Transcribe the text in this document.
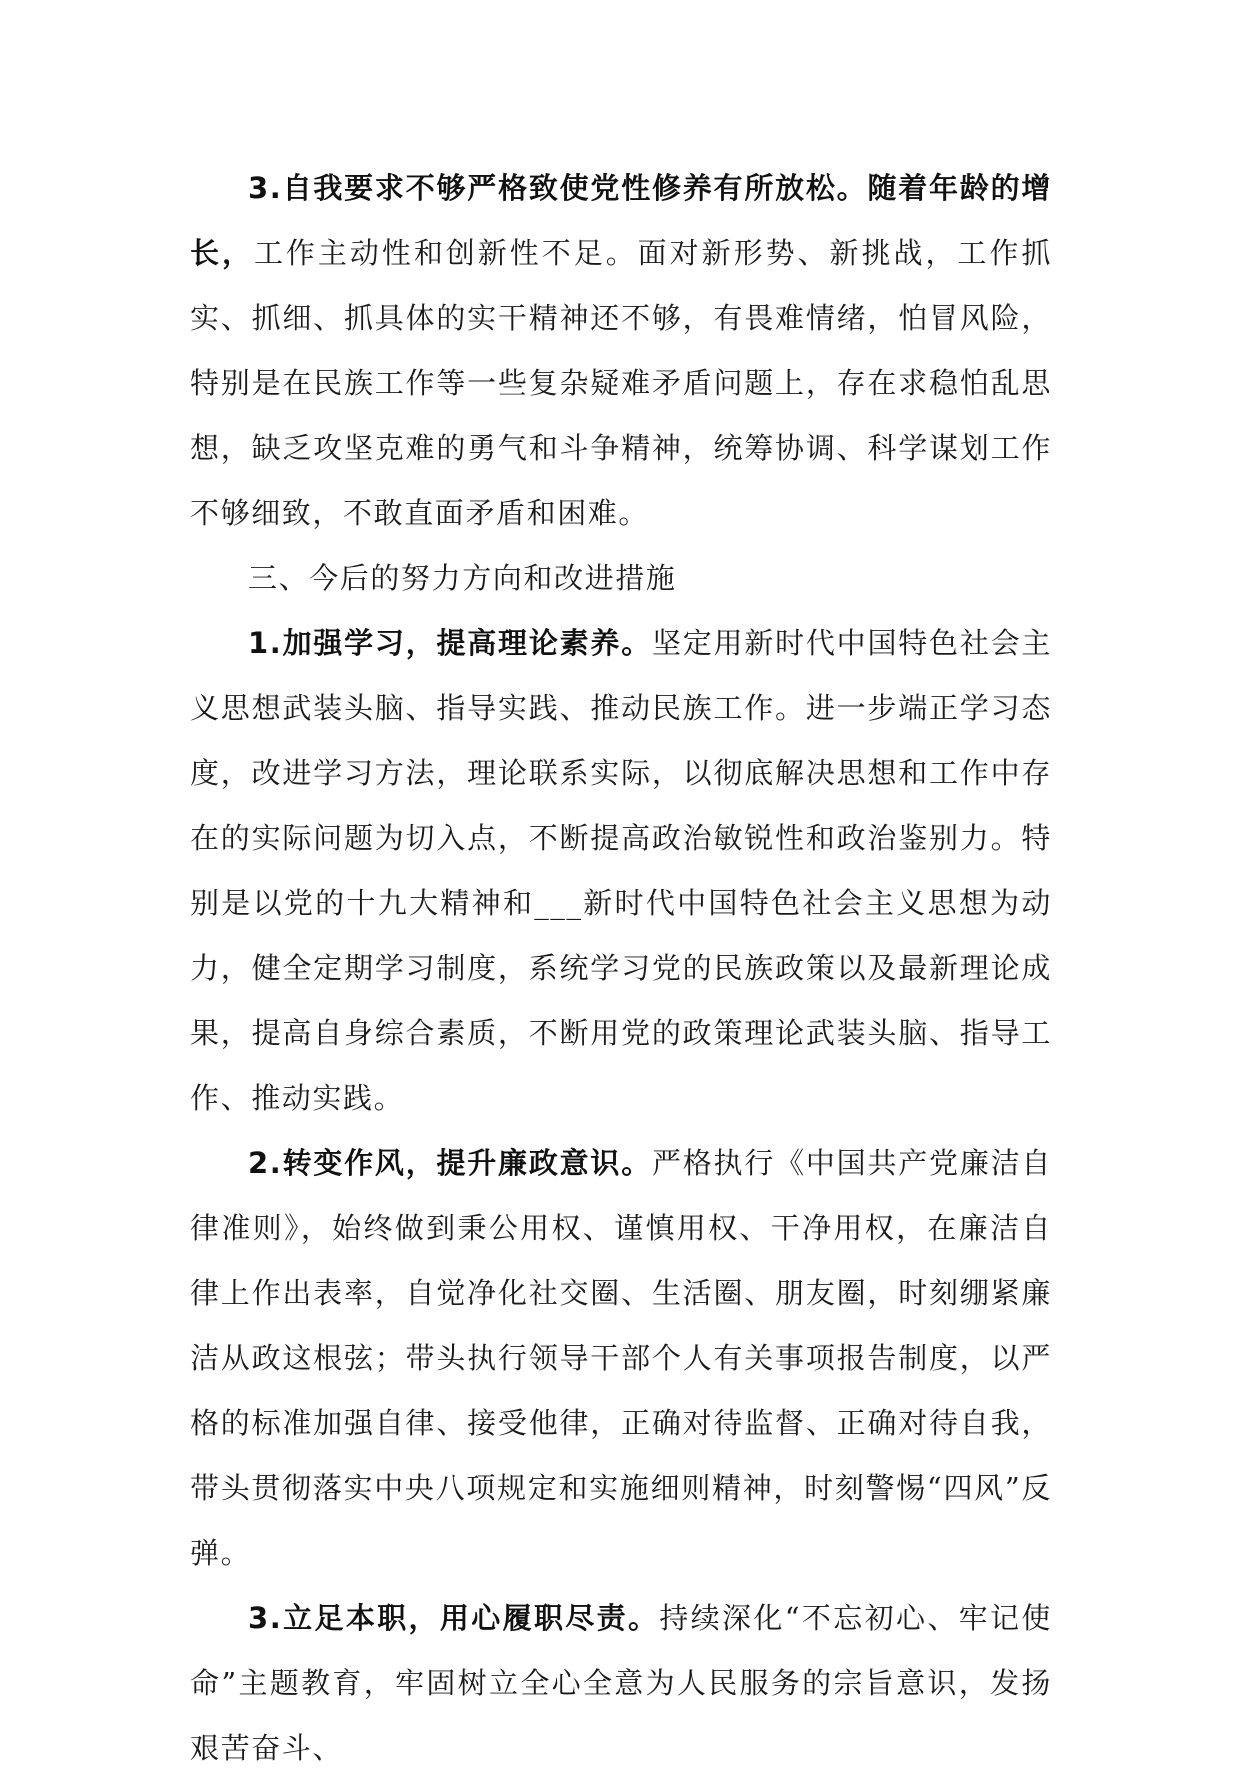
3.自我要求不够严格致使党性修养有所放松。随着年龄的增长，工作主动性和创新性不足。面对新形势、新挑战，工作抓实、抓细、抓具体的实干精神还不够，有畏难情绪，怕冒风险，特别是在民族工作等一些复杂疑难矛盾问题上，存在求稳怕乱思想，缺乏攻坚克难的勇气和斗争精神，统筹协调、科学谋划工作不够细致，不敢直面矛盾和困难。

三、今后的努力方向和改进措施

1.加强学习，提高理论素养。坚定用新时代中国特色社会主义思想武装头脑、指导实践、推动民族工作。进一步端正学习态度，改进学习方法，理论联系实际，以彻底解决思想和工作中存在的实际问题为切入点，不断提高政治敏锐性和政治鉴别力。特别是以党的十九大精神和___新时代中国特色社会主义思想为动力，健全定期学习制度，系统学习党的民族政策以及最新理论成果，提高自身综合素质，不断用党的政策理论武装头脑、指导工作、推动实践。

2.转变作风，提升廉政意识。严格执行《中国共产党廉洁自律准则》，始终做到秉公用权、谨慎用权、干净用权，在廉洁自律上作出表率，自觉净化社交圈、生活圈、朋友圈，时刻绷紧廉洁从政这根弦；带头执行领导干部个人有关事项报告制度，以严格的标准加强自律、接受他律，正确对待监督、正确对待自我，带头贯彻落实中央八项规定和实施细则精神，时刻警惕“四风”反弹。

3.立足本职，用心履职尽责。持续深化“不忘初心、牢记使命”主题教育，牢固树立全心全意为人民服务的宗旨意识，发扬艰苦奋斗、
